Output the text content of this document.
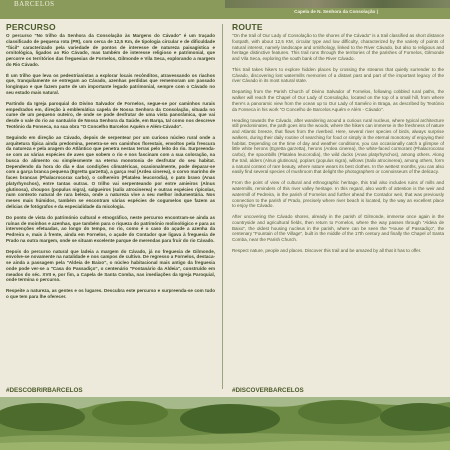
BARCELOS
Capela de N. Senhora da Consolação |
PERCURSO

O percurso "No trilho da Senhora da Consolação às Margens do Cávado" é um traçado classificado de pequena rota (PR), com cerca de 12,5 Km, de tipologia circular e de dificuldade "fácil" caracterizado pela variedade de pontos de interesse de natureza paisagística e ornitológica, ligados ao Rio Cávado, mas também de interesse religioso e patrimonial, que percorre os territórios das freguesias de Fornelos, Gilmonde e Vila Seca, explorando a margem do Rio Cávado.

É um trilho que leva os pedestrianistas a explorar locais recônditos, atravessando os riachos que, tranquilamente se entregam ao Cávado, azenhas perdidas que rememoram um passado longínquo e que fazem parte de um importante legado patrimonial, sempre com o Cávado no seu estado mais natural.

Partindo da Igreja paroquial do Divino Salvador de Fornelos, segue-se por caminhos rurais empedrados em, direção à emblemática capela de Nossa Senhora da Consolação, situada no cume de um pequeno outeiro, de onde se pode desfrutar de uma vista panorâmica, que vai desde o vale do rio ao santuário de Nossa Senhora da Saúde, em Barqa, tal como nos descreve Teotónio da Fonseca, na sua obra "O Concelho Barcelos Aquém e Além-Cávado".

Seguindo em direção ao Cávado, depois de serpentear por um curioso núcleo rural onde a arquitetura típica ainda predomina, penetra-se em caminhos florestais, envoltos pela frescura da natureza e pela aragem do Atlântico que penetra nestas terras pelo leito do rio. Surpreenda-se com as várias espécies de aves que sobem o rio e nos fascinam com a sua coloração, na busca do alimento ou simplesmente na eterna monotonia de desfrutar do seu habitat. Dependendo da hora do dia e das condições climatéricas, ocasionalmente, pode deparar-se com a garça branca pequena (Egretta garzetta), a garça real (Ardea cinerea), o corvo marinho de faces brancas (Phalacrocorax carbo), o colhereiro (Platalea leucorodia), o pato bravo (Anas platyrhynchos), entre tantas outras. O trilho vai serpenteando por entre amieiros (Alnus glutinosa), choupos (populus nigra), salgueiros (salix atrocinerea) e outras espécies ripícolas, num contexto natural de rara beleza, onde a natureza vive a seu melhor indumentária. Nos meses mais húmidos, também se encontram várias espécies de cogumelos que fazem as delícias de fotógrafos e da especialidade da micologia.

Do ponto de vista do património cultural e etnográfico, neste percurso encontram-se ainda as ruínas de moinhos e azenhas, que também para o riqueza do património molinológico e para as intervenções efetuadas, ao longo do tempo, no rio, como é o caso do açude a azenha da Pedreira e, mais à frente, ainda em Fornelos, o açude do Contador que ligava à freguesia de Prado na outra margem, onde se situam excelente parque de merendas para fruir do rio Cávado.

Depois do percurso natural que ladeia a margem do Cávado, já no freguesia de Gilmonde, envolve-se novamente na natalidade e nos campos de cultivo. De regresso a Fornelos, destaca-se ainda a passagem pela "Aldeia de Baixo", o núcleo habitacional mais antigo da freguesia onde pode ver-se a "Casa do Passadiço", o centenário "Fontanário da Aldeia", construído em meados do séc. XVII e, por fim, a Capela de Santa Comba, nas imediações da Igreja Paroquial, onde termina o percurso.

Respeite a natureza, as gentes e os lugares. Descubra este percurso e surpreenda-se com tudo o que tem para lhe oferecer.

ROUTE

"On the trail of Our Lady of Consolação to the shores of the Cávado" is a trail classified as short distance footpath, with about 12,5 KM, circular type and low difficulty, characterized by the variety of points of natural interest, namely landscape and ornithology, linked to the River Cávado, but also to religious and heritage distinctive features. This trail runs through the territories of the parishes of Fornelos, Gilmonde and Vila Seca, exploring the south bank of the River Cávado.

This trail takes hikers to explore hidden places by crossing the streams that quietly surrender to the Cávado, discovering lost watermills memories of a distant past and part of the important legacy of the river Cávado in its most natural state.

Departing from the Parish Church of Divino Salvador of Fornelos, following cobbled rural paths, the walker will reach the Chapel of Our Lady of Consolação, located on the top of a small hill, from where there's a panoramic view from the ocean up to Our Lady of Saméiro in Braga, as described by Teotónio da Fonseca in his work "O Concelho de Barcelos Aquém e Além - Cávado".

Heading towards the Cávado, after wandering around a curious rural nucleus, where typical architecture still predominates, the path goes into the woods, where the hikers can immerse in the freshness of nature and Atlantic breeze, that flows from the riverbed. Here, several river species of birds, always surprise walkers, during their daily routine of searching for food or simply in the eternal monotony of enjoying their habitat. Depending on the time of day and weather conditions, you can occasionally catch a glimpse of little white herons (Egretta garzetta), herons (Ardea cinerea), the white-faced cormorant (Phalacrocorax carbo), the spoonbills (Platalea leucorodia), the wild ducks (Anas platyrhynchos), among others. Along the trail, alders (Alnus glutinosa), poplars (populus nigra), willows (Salix atrocinerea), among others, form a natural context of rare beauty, where nature wears its best clothes. In the wettest months, you can also easily find several species of mushroom that delight the photographers or connoisseurs of the delicacy.

From the point of view of cultural and ethnographic heritage, this trail also includes ruins of mills and watermills, reminders of this river valley heritage. In this regard, also worth of attention is the weir and watermill of Pedreira, in the parish of Fornelos and further ahead the Contador weir, that was previously connection to the parish of Prado, precisely where river beach is located, by the way an excellent place to enjoy the Cávado.

After uncovering the Cávado shores, already in the parish of Gilmonde, immerse once again in the countryside and agricultural fields, then return to Fornelos, where the way passes through "Aldeia de Baixo", the oldest housing nucleus in the parish, where can be seen the "House of Passadiço", the centenary "Fountain of the Village", built in the middle of the 17th century and finally the Chapel of Santa Comba, near the Parish Church.

Respect nature, people and places. Discover this trail and be amazed by all that it has to offer.

#DESCOBRIRBARCELOS	#DISCOVERBARCELOS
